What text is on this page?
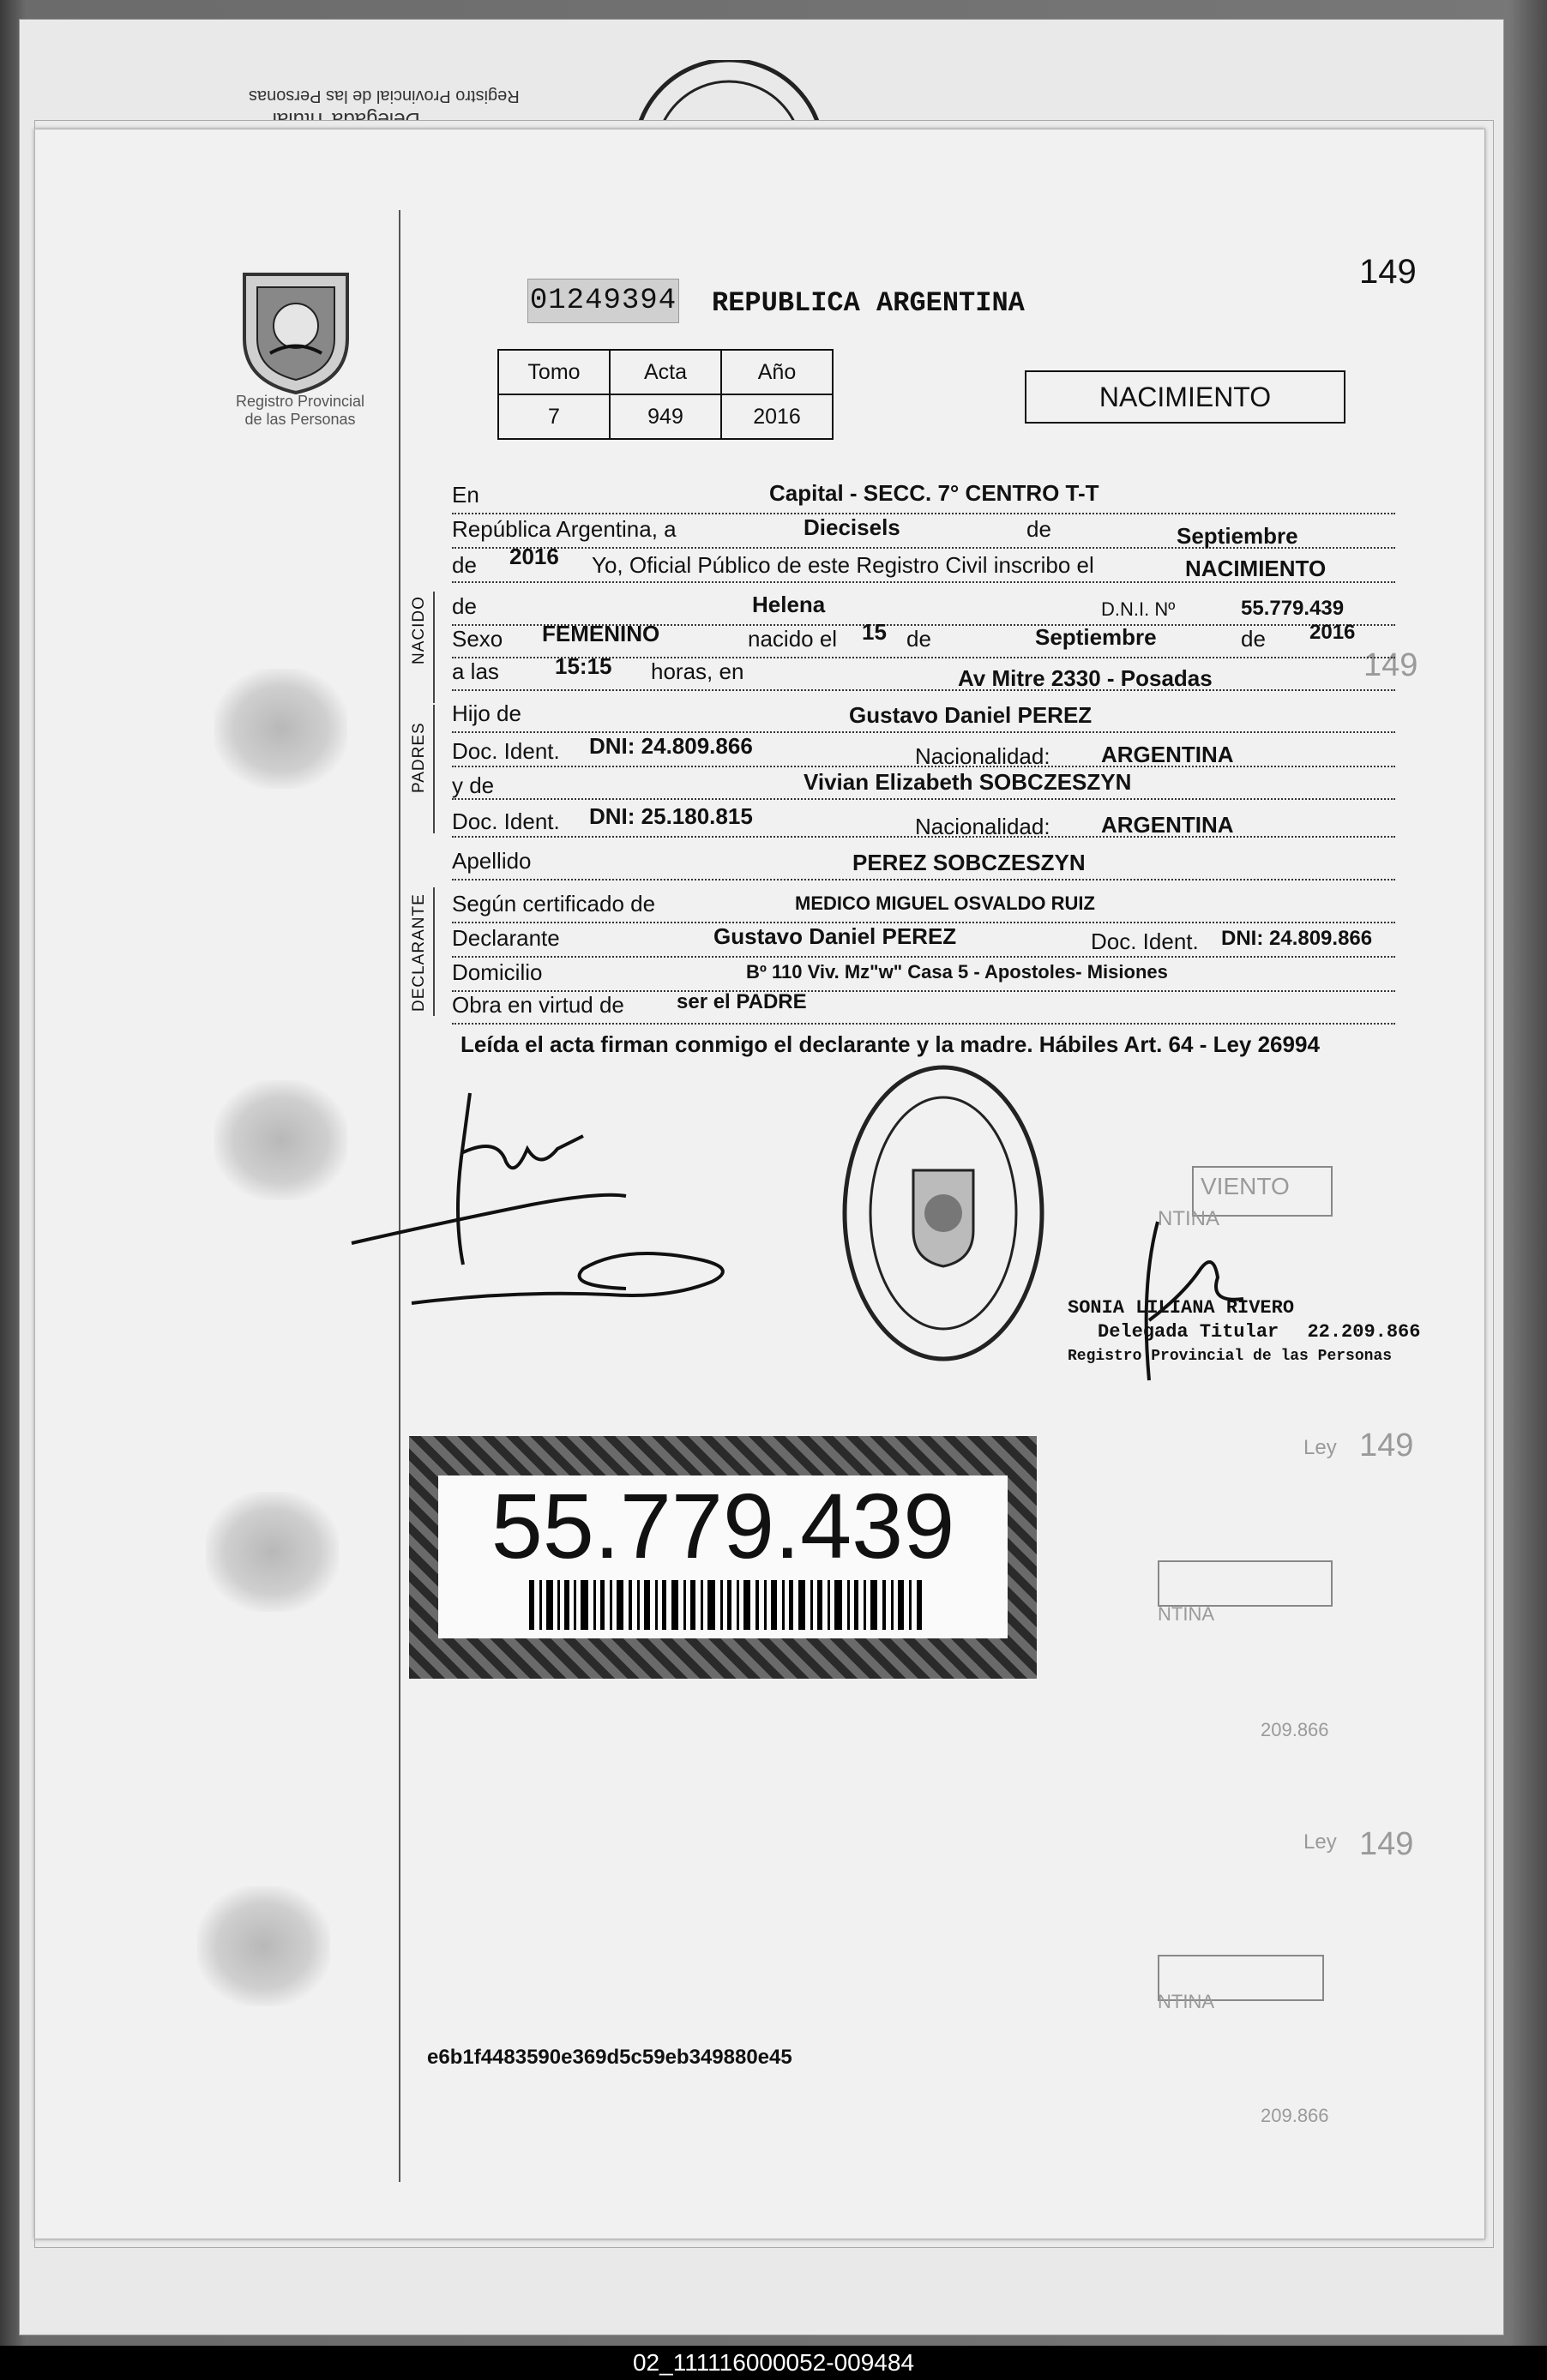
Registro Provincial de las Personas
149
VIENTO
NTINA
Ley 149
NTINA
209.866
Ley 149
NTINA
209.866
Registro Provincial
de las Personas
01249394 REPUBLICA ARGENTINA
149
Tomo	Acta	Año
7	949	2016
NACIMIENTO
NACIDO
PADRES
DECLARANTE
En	Capital - SECC. 7° CENTRO T-T
República Argentina, a	Diecisels	de	Septiembre
de 2016 Yo, Oficial Público de este Registro Civil inscribo el	NACIMIENTO
de	Helena	D.N.I. Nº	55.779.439
Sexo FEMENINO	nacido el 15 de	Septiembre	de 2016
a las	15:15 horas, en	Av Mitre 2330 - Posadas
Hijo de	Gustavo Daniel PEREZ
Doc. Ident. DNI: 24.809.866	Nacionalidad: ARGENTINA
y de	Vivian Elizabeth SOBCZESZYN
Doc. Ident. DNI: 25.180.815	Nacionalidad: ARGENTINA
Apellido	PEREZ SOBCZESZYN
Según certificado de	MEDICO MIGUEL OSVALDO RUIZ
Declarante	Gustavo Daniel PEREZ	Doc. Ident. DNI: 24.809.866
Domicilio	Bº 110 Viv. Mz"w" Casa 5 - Apostoles- Misiones
Obra en virtud de	ser el PADRE
Leída el acta firman conmigo el declarante y la madre. Hábiles Art. 64 - Ley 26994
SONIA LILIANA RIVERO
Delegada Titular 22.209.866
Registro Provincial de las Personas
55.779.439
e6b1f4483590e369d5c59eb349880e45
02_111116000052-009484
